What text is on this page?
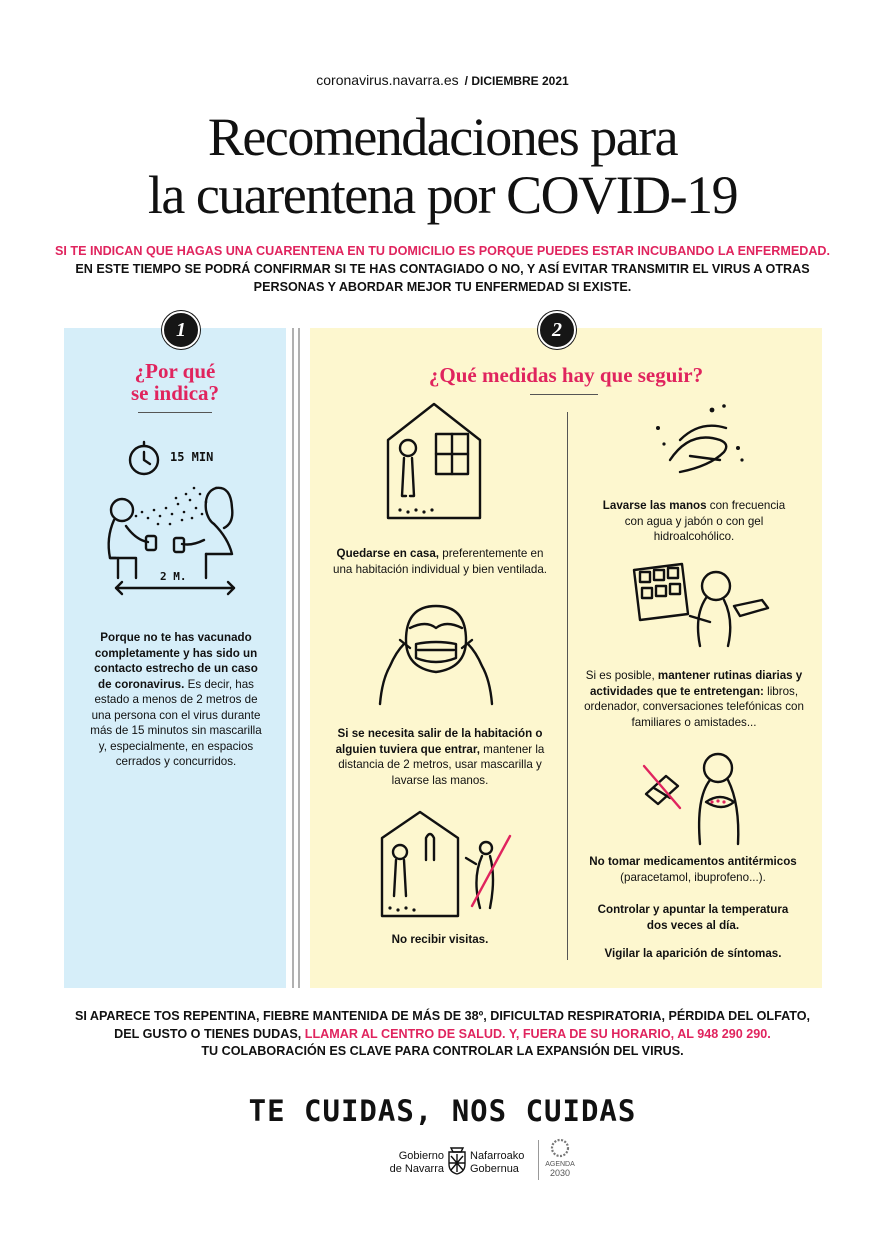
coronavirus.navarra.es / DICIEMBRE 2021
Recomendaciones para
la cuarentena por COVID-19
SI TE INDICAN QUE HAGAS UNA CUARENTENA EN TU DOMICILIO ES PORQUE PUEDES ESTAR INCUBANDO LA ENFERMEDAD.
EN ESTE TIEMPO SE PODRÁ CONFIRMAR SI TE HAS CONTAGIADO O NO, Y ASÍ EVITAR TRANSMITIR EL VIRUS A OTRAS
PERSONAS Y ABORDAR MEJOR TU ENFERMEDAD SI EXISTE.
1
¿Por qué
se indica?
15 MIN
2 M.
Porque no te has vacunado completamente y has sido un contacto estrecho de un caso de coronavirus. Es decir, has estado a menos de 2 metros de una persona con el virus durante más de 15 minutos sin mascarilla y, especialmente, en espacios cerrados y concurridos.
2
¿Qué medidas hay que seguir?
Quedarse en casa, preferentemente en una habitación individual y bien ventilada.
Si se necesita salir de la habitación o alguien tuviera que entrar, mantener la distancia de 2 metros, usar mascarilla y lavarse las manos.
No recibir visitas.
Lavarse las manos con frecuencia con agua y jabón o con gel hidroalcohólico.
Si es posible, mantener rutinas diarias y actividades que te entretengan: libros, ordenador, conversaciones telefónicas con familiares o amistades...
No tomar medicamentos antitérmicos (paracetamol, ibuprofeno...).
Controlar y apuntar la temperatura dos veces al día.
Vigilar la aparición de síntomas.
SI APARECE TOS REPENTINA, FIEBRE MANTENIDA DE MÁS DE 38º, DIFICULTAD RESPIRATORIA, PÉRDIDA DEL OLFATO,
DEL GUSTO O TIENES DUDAS, LLAMAR AL CENTRO DE SALUD. Y, FUERA DE SU HORARIO, AL 948 290 290.
TU COLABORACIÓN ES CLAVE PARA CONTROLAR LA EXPANSIÓN DEL VIRUS.
TE CUIDAS, NOS CUIDAS
Gobierno
de Navarra
Nafarroako
Gobernua	AGENDA
2030
